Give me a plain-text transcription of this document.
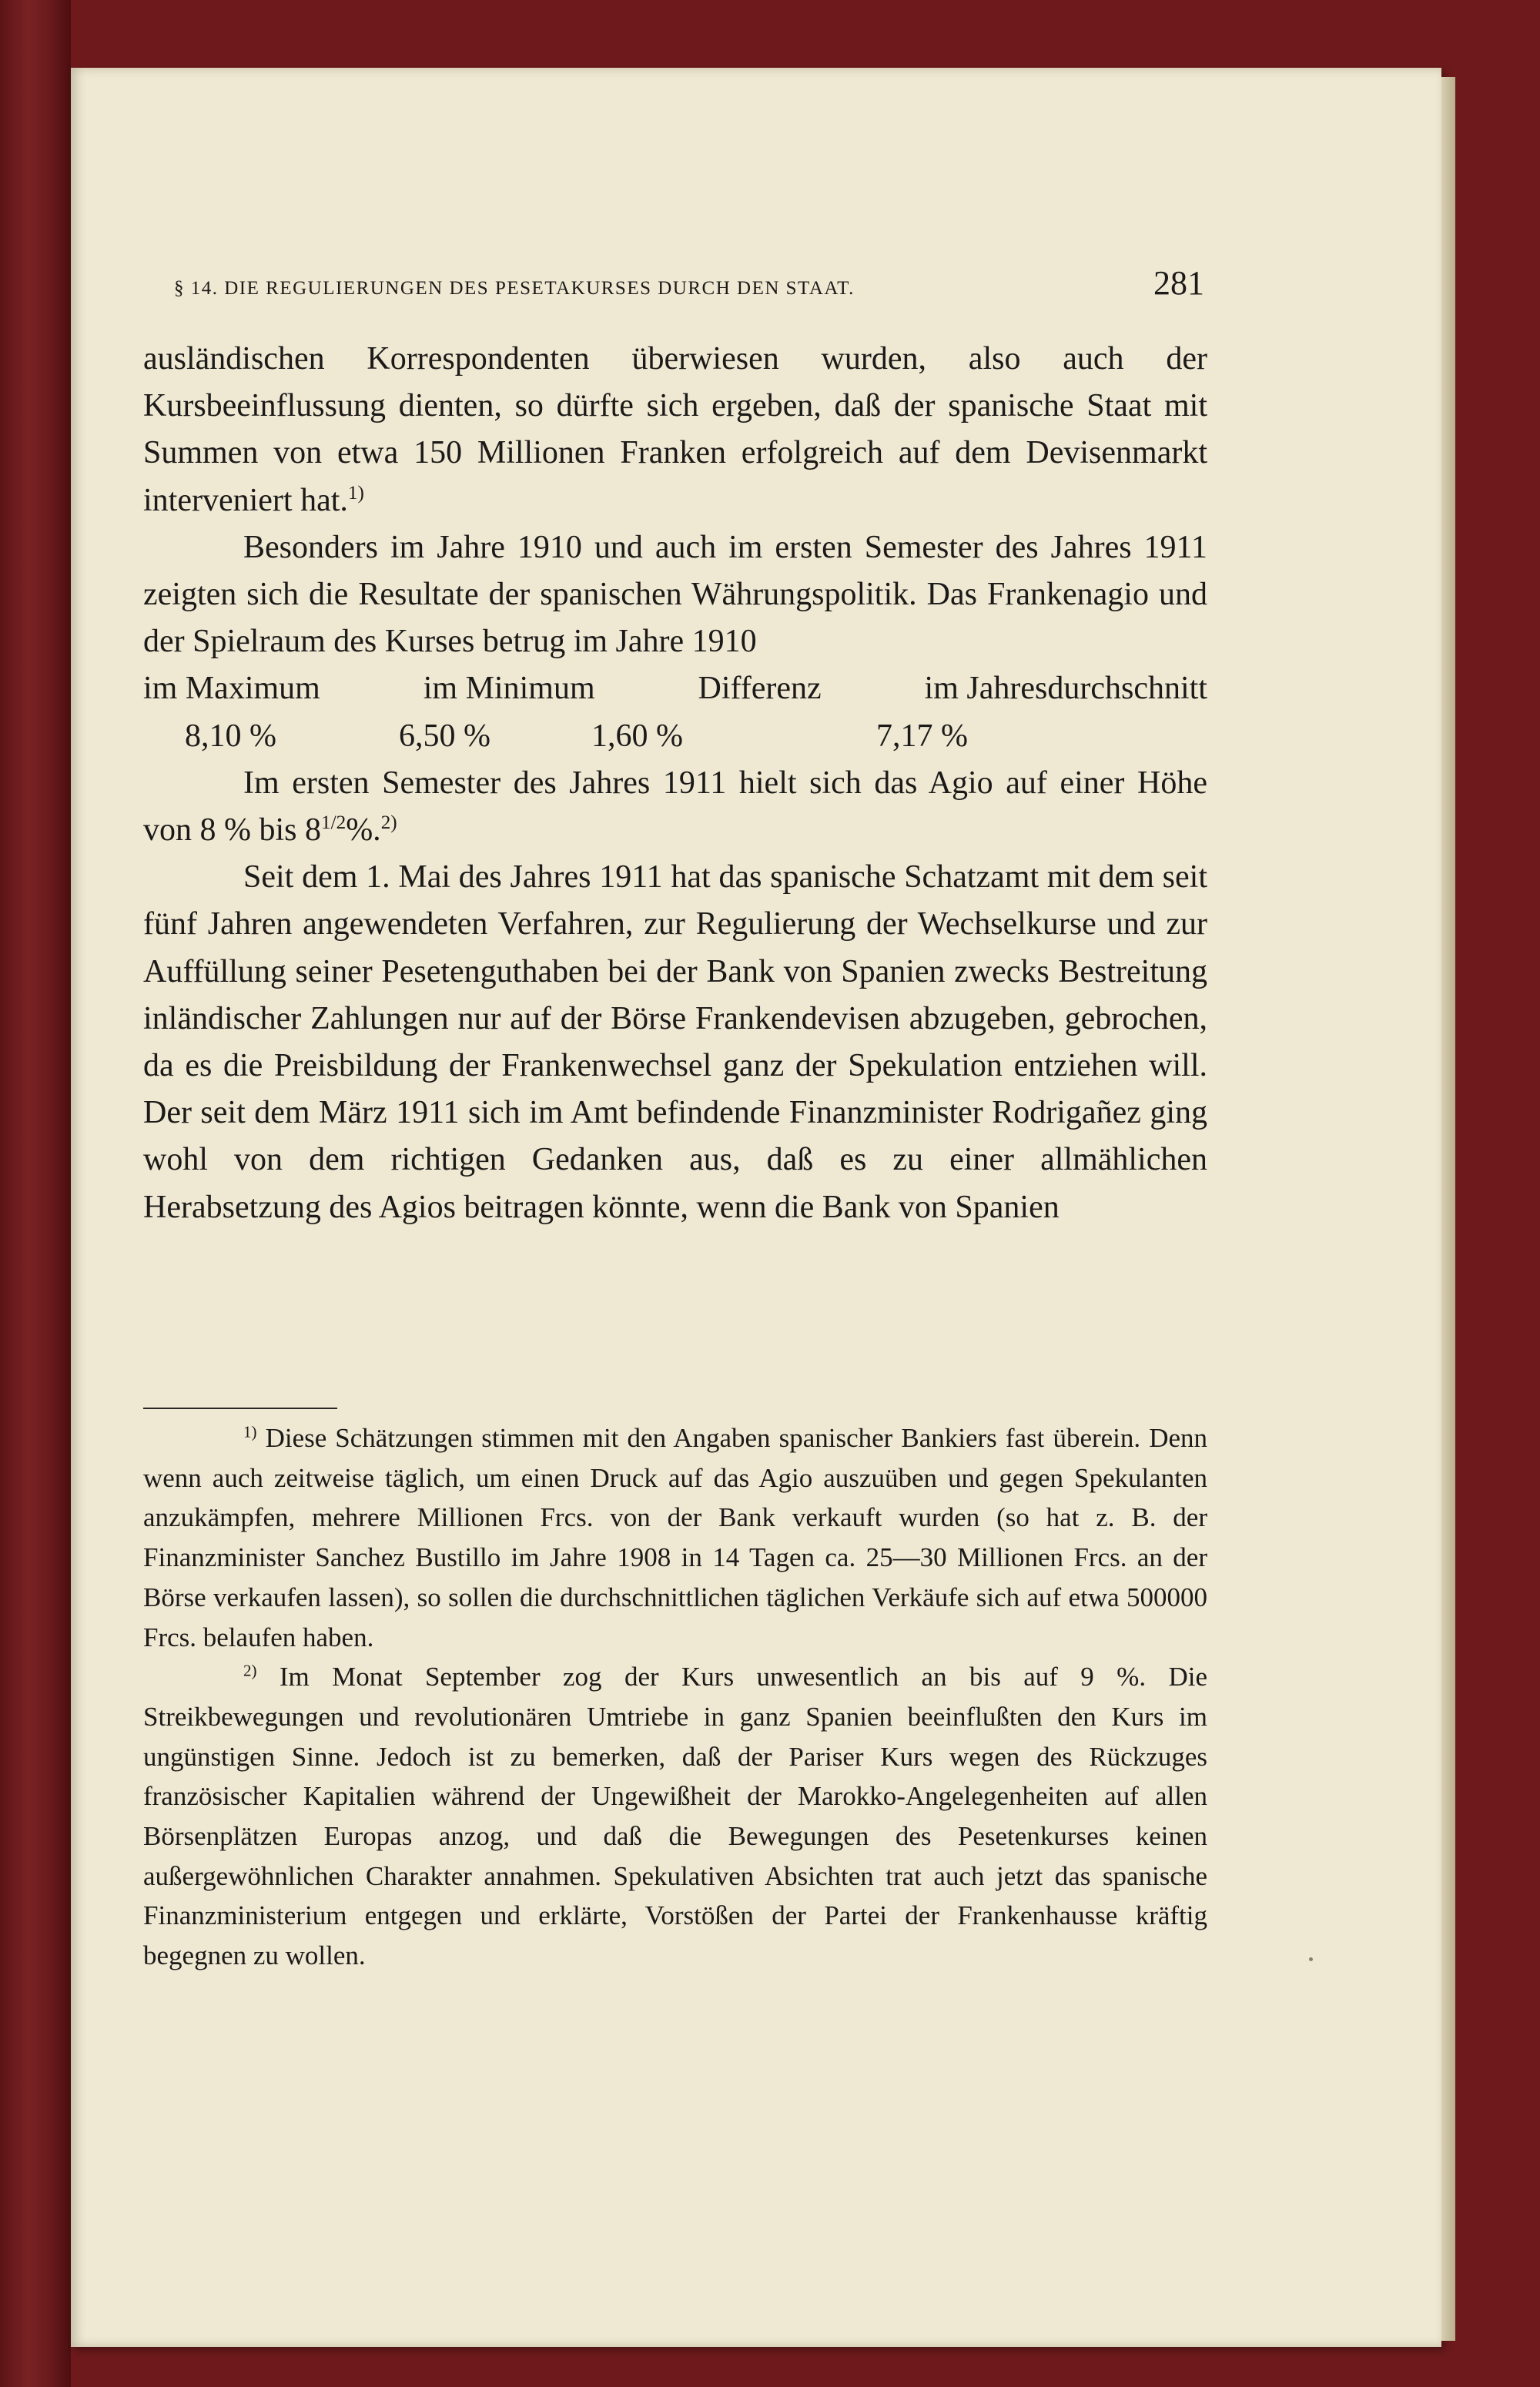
§ 14. DIE REGULIERUNGEN DES PESETAKURSES DURCH DEN STAAT.	281

ausländischen Korrespondenten überwiesen wurden, also auch der Kursbeeinflussung dienten, so dürfte sich ergeben, daß der spanische Staat mit Summen von etwa 150 Millionen Franken erfolgreich auf dem Devisenmarkt interveniert hat.$^{1)}$

Besonders im Jahre 1910 und auch im ersten Semester des Jahres 1911 zeigten sich die Resultate der spanischen Währungspolitik. Das Frankenagio und der Spielraum des Kurses betrug im Jahre 1910

im Maximum	im Minimum	Differenz	im Jahresdurchschnitt
8,10 %	6,50 %	1,60 %	7,17 %

Im ersten Semester des Jahres 1911 hielt sich das Agio auf einer Höhe von 8 % bis $8^{1/2}\%.^{2)}$

Seit dem 1. Mai des Jahres 1911 hat das spanische Schatzamt mit dem seit fünf Jahren angewendeten Verfahren, zur Regulierung der Wechselkurse und zur Auffüllung seiner Pesetenguthaben bei der Bank von Spanien zwecks Bestreitung inländischer Zahlungen nur auf der Börse Frankendevisen abzugeben, gebrochen, da es die Preisbildung der Frankenwechsel ganz der Spekulation entziehen will. Der seit dem März 1911 sich im Amt befindende Finanzminister Rodrigañez ging wohl von dem richtigen Gedanken aus, daß es zu einer allmählichen Herabsetzung des Agios beitragen könnte, wenn die Bank von Spanien

$^{1)}$ Diese Schätzungen stimmen mit den Angaben spanischer Bankiers fast überein. Denn wenn auch zeitweise täglich, um einen Druck auf das Agio auszuüben und gegen Spekulanten anzukämpfen, mehrere Millionen Frcs. von der Bank verkauft wurden (so hat z. B. der Finanzminister Sanchez Bustillo im Jahre 1908 in 14 Tagen ca. 25—30 Millionen Frcs. an der Börse verkaufen lassen), so sollen die durchschnittlichen täglichen Verkäufe sich auf etwa 500000 Frcs. belaufen haben.

$^{2)}$ Im Monat September zog der Kurs unwesentlich an bis auf 9 %. Die Streikbewegungen und revolutionären Umtriebe in ganz Spanien beeinflußten den Kurs im ungünstigen Sinne. Jedoch ist zu bemerken, daß der Pariser Kurs wegen des Rückzuges französischer Kapitalien während der Ungewißheit der Marokko-Angelegenheiten auf allen Börsenplätzen Europas anzog, und daß die Bewegungen des Pesetenkurses keinen außergewöhnlichen Charakter annahmen. Spekulativen Absichten trat auch jetzt das spanische Finanzministerium entgegen und erklärte, Vorstößen der Partei der Frankenhausse kräftig begegnen zu wollen.
